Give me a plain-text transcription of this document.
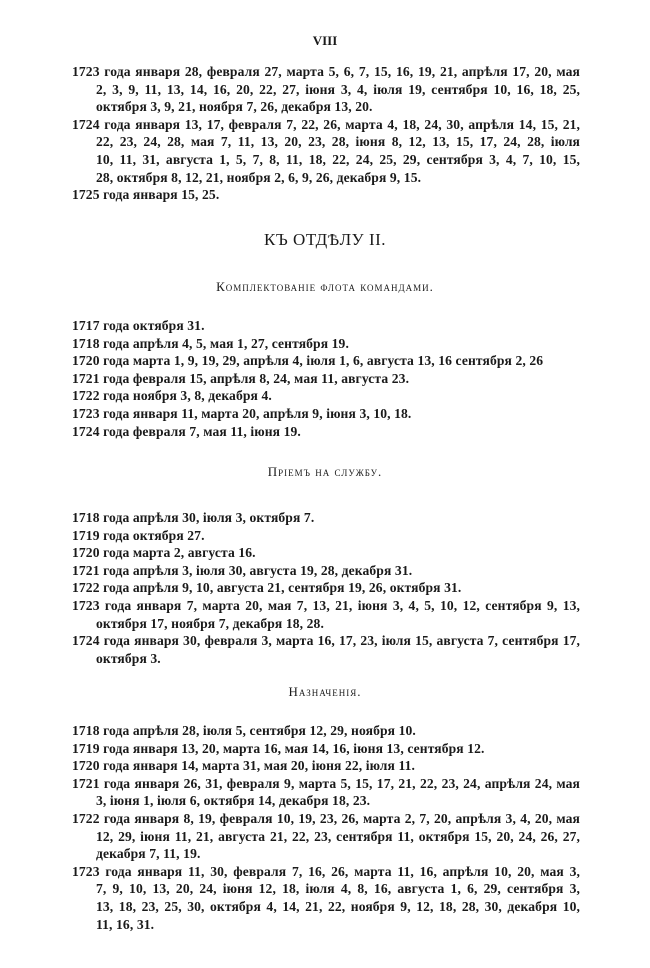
VIII
КЪ ОТДѢЛУ II.
1723 года января 28, февраля 27, марта 5, 6, 7, 15, 16, 19, 21, апрѣля 17, 20, мая
2, 3, 9, 11, 13, 14, 16, 20, 22, 27, іюня 3, 4, іюля 19, сентября 10, 16, 18, 25,
октября 3, 9, 21, ноября 7, 26, декабря 13, 20.
1724 года января 13, 17, февраля 7, 22, 26, марта 4, 18, 24, 30, апрѣля 14, 15, 21,
22, 23, 24, 28, мая 7, 11, 13, 20, 23, 28, іюня 8, 12, 13, 15, 17, 24, 28, іюля
10, 11, 31, августа 1, 5, 7, 8, 11, 18, 22, 24, 25, 29, сентября 3, 4, 7, 10, 15,
28, октября 8, 12, 21, ноября 2, 6, 9, 26, декабря 9, 15.
1725 года января 15, 25.
Комплектованіе флота командами.
1717 года октября 31.
1718 года апрѣля 4, 5, мая 1, 27, сентября 19.
1720 года марта 1, 9, 19, 29, апрѣля 4, іюля 1, 6, августа 13, 16 сентября 2, 26
1721 года февраля 15, апрѣля 8, 24, мая 11, августа 23.
1722 года ноября 3, 8, декабря 4.
1723 года января 11, марта 20, апрѣля 9, іюня 3, 10, 18.
1724 года февраля 7, мая 11, іюня 19.
Пріемъ на службу.
1718 года апрѣля 30, іюля 3, октября 7.
1719 года октября 27.
1720 года марта 2, августа 16.
1721 года апрѣля 3, іюля 30, августа 19, 28, декабря 31.
1722 года апрѣля 9, 10, августа 21, сентября 19, 26, октября 31.
1723 года января 7, марта 20, мая 7, 13, 21, іюня 3, 4, 5, 10, 12, сентября 9, 13,
октября 17, ноября 7, декабря 18, 28.
1724 года января 30, февраля 3, марта 16, 17, 23, іюля 15, августа 7, сентября 17,
октября 3.
Назначенія.
1718 года апрѣля 28, іюля 5, сентября 12, 29, ноября 10.
1719 года января 13, 20, марта 16, мая 14, 16, іюня 13, сентября 12.
1720 года января 14, марта 31, мая 20, іюня 22, іюля 11.
1721 года января 26, 31, февраля 9, марта 5, 15, 17, 21, 22, 23, 24, апрѣля 24, мая
3, іюня 1, іюля 6, октября 14, декабря 18, 23.
1722 года января 8, 19, февраля 10, 19, 23, 26, марта 2, 7, 20, апрѣля 3, 4, 20, мая
12, 29, іюня 11, 21, августа 21, 22, 23, сентября 11, октября 15, 20, 24, 26, 27,
декабря 7, 11, 19.
1723 года января 11, 30, февраля 7, 16, 26, марта 11, 16, апрѣля 10, 20, мая 3,
7, 9, 10, 13, 20, 24, іюня 12, 18, іюля 4, 8, 16, августа 1, 6, 29, сентября 3,
13, 18, 23, 25, 30, октября 4, 14, 21, 22, ноября 9, 12, 18, 28, 30, декабря 10,
11, 16, 31.
